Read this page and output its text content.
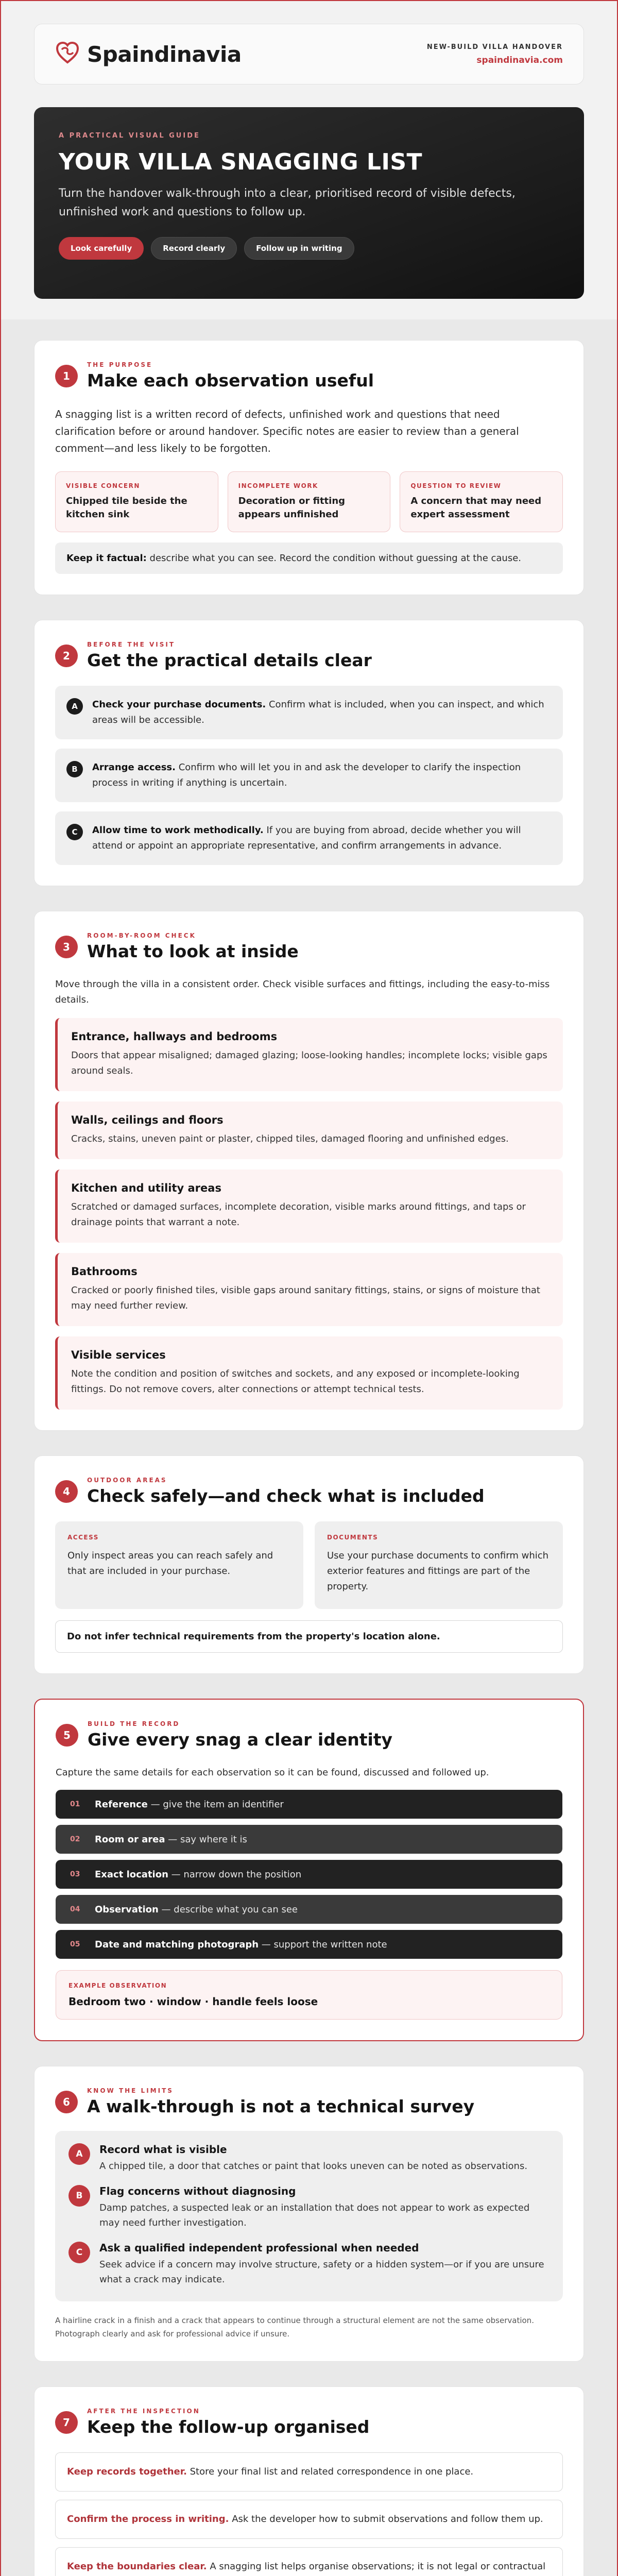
Spaindinavia	NEW-BUILD VILLA HANDOVER
spaindinavia.com
A PRACTICAL VISUAL GUIDE
YOUR VILLA SNAGGING LIST
Turn the handover walk-through into a clear, prioritised record of visible defects, unfinished work and questions to follow up.
Look carefully	Record clearly	Follow up in writing
1
THE PURPOSE
Make each observation useful
A snagging list is a written record of defects, unfinished work and questions that need clarification before or around handover. Specific notes are easier to review than a general comment—and less likely to be forgotten.
VISIBLE CONCERN
Chipped tile beside the kitchen sink
INCOMPLETE WORK
Decoration or fitting appears unfinished
QUESTION TO REVIEW
A concern that may need expert assessment
Keep it factual: describe what you can see. Record the condition without guessing at the cause.
2
BEFORE THE VISIT
Get the practical details clear
A	Check your purchase documents. Confirm what is included, when you can inspect, and which areas will be accessible.
B	Arrange access. Confirm who will let you in and ask the developer to clarify the inspection process in writing if anything is uncertain.
C	Allow time to work methodically. If you are buying from abroad, decide whether you will attend or appoint an appropriate representative, and confirm arrangements in advance.
3
ROOM-BY-ROOM CHECK
What to look at inside
Move through the villa in a consistent order. Check visible surfaces and fittings, including the easy-to-miss details.
Entrance, hallways and bedrooms
Doors that appear misaligned; damaged glazing; loose-looking handles; incomplete locks; visible gaps around seals.
Walls, ceilings and floors
Cracks, stains, uneven paint or plaster, chipped tiles, damaged flooring and unfinished edges.
Kitchen and utility areas
Scratched or damaged surfaces, incomplete decoration, visible marks around fittings, and taps or drainage points that warrant a note.
Bathrooms
Cracked or poorly finished tiles, visible gaps around sanitary fittings, stains, or signs of moisture that may need further review.
Visible services
Note the condition and position of switches and sockets, and any exposed or incomplete-looking fittings. Do not remove covers, alter connections or attempt technical tests.
4
OUTDOOR AREAS
Check safely—and check what is included
ACCESS
Only inspect areas you can reach safely and that are included in your purchase.
DOCUMENTS
Use your purchase documents to confirm which exterior features and fittings are part of the property.
Do not infer technical requirements from the property's location alone.
5
BUILD THE RECORD
Give every snag a clear identity
Capture the same details for each observation so it can be found, discussed and followed up.
01 Reference — give the item an identifier
02 Room or area — say where it is
03 Exact location — narrow down the position
04 Observation — describe what you can see
05 Date and matching photograph — support the written note
EXAMPLE OBSERVATION
Bedroom two · window · handle feels loose
6
KNOW THE LIMITS
A walk-through is not a technical survey
A	Record what is visible
A chipped tile, a door that catches or paint that looks uneven can be noted as observations.
B	Flag concerns without diagnosing
Damp patches, a suspected leak or an installation that does not appear to work as expected may need further investigation.
C	Ask a qualified independent professional when needed
Seek advice if a concern may involve structure, safety or a hidden system—or if you are unsure what a crack may indicate.
A hairline crack in a finish and a crack that appears to continue through a structural element are not the same observation. Photograph clearly and ask for professional advice if unsure.
7
AFTER THE INSPECTION
Keep the follow-up organised
Keep records together. Store your final list and related correspondence in one place.
Confirm the process in writing. Ask the developer how to submit observations and follow them up.
Keep the boundaries clear. A snagging list helps organise observations; it is not legal or contractual
